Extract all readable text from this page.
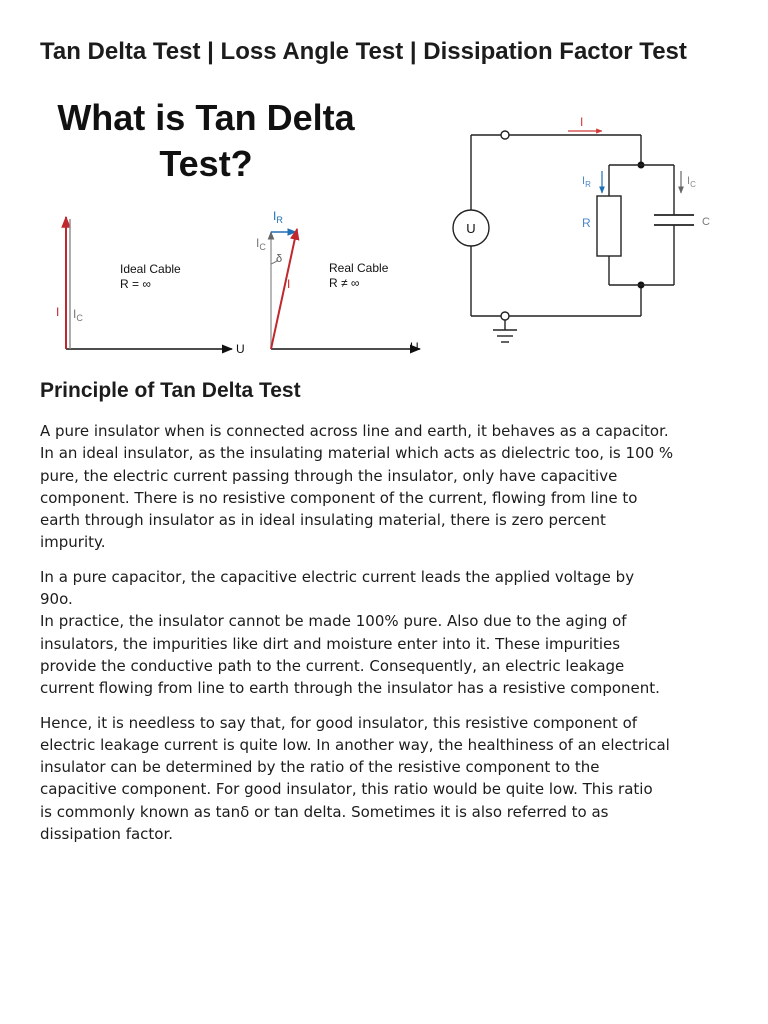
Tan Delta Test | Loss Angle Test | Dissipation Factor Test
What is Tan Delta
Test?
I $I_C$
U
Ideal Cable
R = ∞
$I_R$
$I_C$
δ
I
U
Real Cable
R ≠ ∞
I
$I_R$	$I_C$
R	C
U
Principle of Tan Delta Test

A pure insulator when is connected across line and earth, it behaves as a capacitor.
In an ideal insulator, as the insulating material which acts as dielectric too, is 100 %
pure, the electric current passing through the insulator, only have capacitive
component. There is no resistive component of the current, flowing from line to
earth through insulator as in ideal insulating material, there is zero percent
impurity.

In a pure capacitor, the capacitive electric current leads the applied voltage by
90o.
In practice, the insulator cannot be made 100% pure. Also due to the aging of
insulators, the impurities like dirt and moisture enter into it. These impurities
provide the conductive path to the current. Consequently, an electric leakage
current flowing from line to earth through the insulator has a resistive component.

Hence, it is needless to say that, for good insulator, this resistive component of
electric leakage current is quite low. In another way, the healthiness of an electrical
insulator can be determined by the ratio of the resistive component to the
capacitive component. For good insulator, this ratio would be quite low. This ratio
is commonly known as tanδ or tan delta. Sometimes it is also referred to as
dissipation factor.
